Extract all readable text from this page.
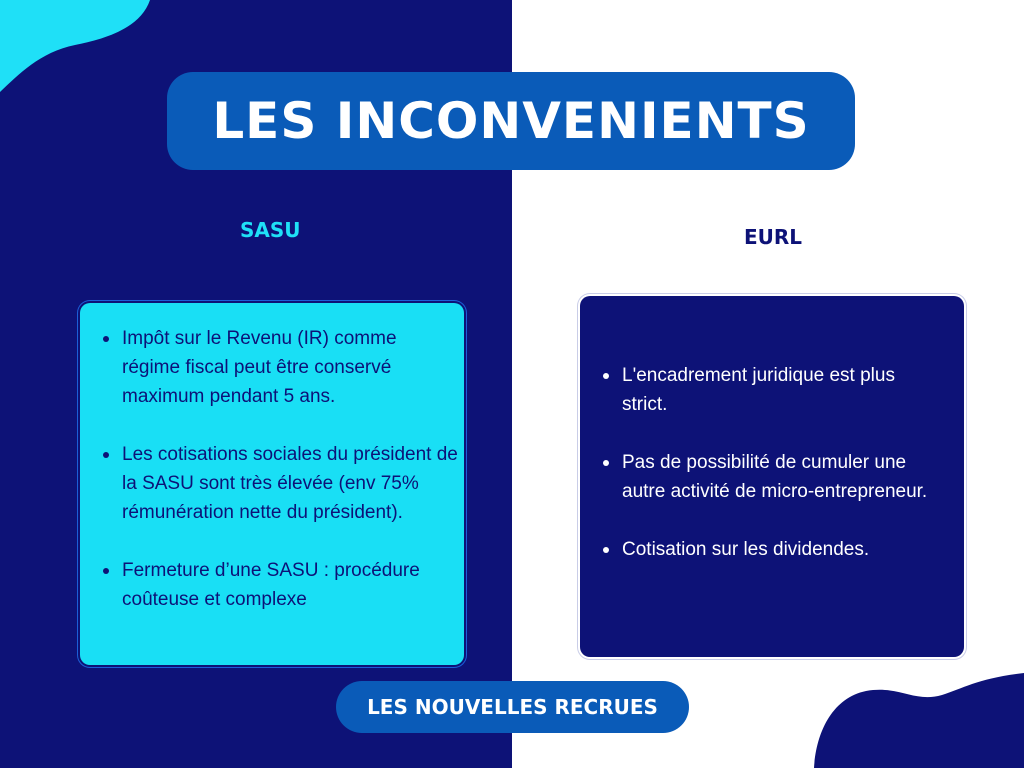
LES INCONVENIENTS
SASU	EURL
Impôt sur le Revenu (IR) comme régime fiscal peut être conservé maximum pendant 5 ans.
Les cotisations sociales du président de la SASU sont très élevée (env 75% rémunération nette du président).
Fermeture d’une SASU : procédure coûteuse et complexe
L'encadrement juridique est plus strict.
Pas de possibilité de cumuler une autre activité de micro-entrepreneur.
Cotisation sur les dividendes.
LES NOUVELLES RECRUES
